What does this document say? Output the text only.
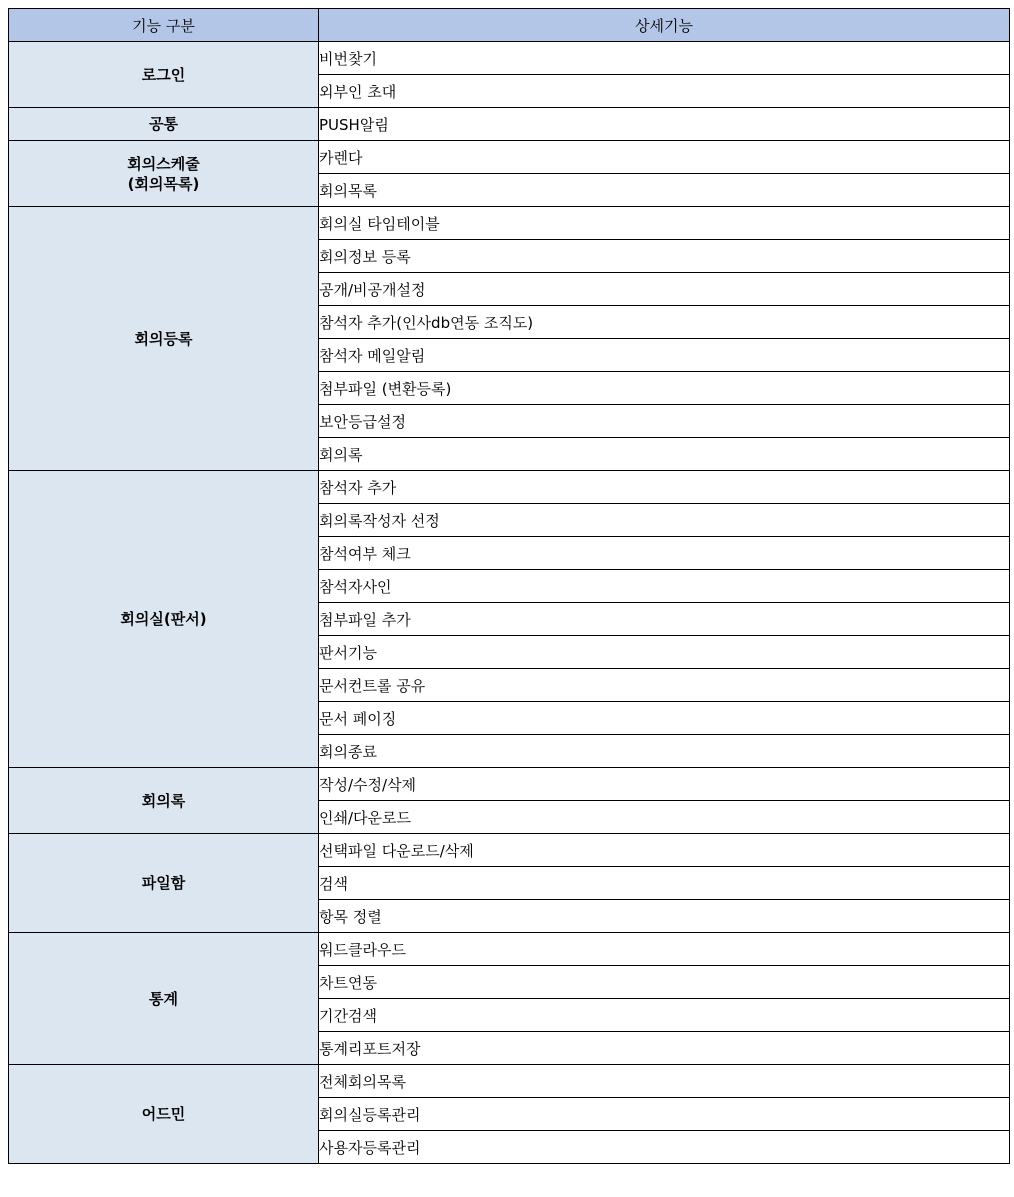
기능 구분	상세기능
로그인	비번찾기
	외부인 초대
공통	PUSH알림
회의스케줄
(회의목록)	카렌다
	회의목록
회의등록	회의실 타임테이블
	회의정보 등록
	공개/비공개설정
	참석자 추가(인사db연동 조직도)
	참석자 메일알림
	첨부파일 (변환등록)
	보안등급설정
	회의록
회의실(판서)	참석자 추가
	회의록작성자 선정
	참석여부 체크
	참석자사인
	첨부파일 추가
	판서기능
	문서컨트롤 공유
	문서 페이징
	회의종료
회의록	작성/수정/삭제
	인쇄/다운로드
파일함	선택파일 다운로드/삭제
	검색
	항목 정렬
통계	워드클라우드
	차트연동
	기간검색
	통계리포트저장
어드민	전체회의목록
	회의실등록관리
	사용자등록관리
